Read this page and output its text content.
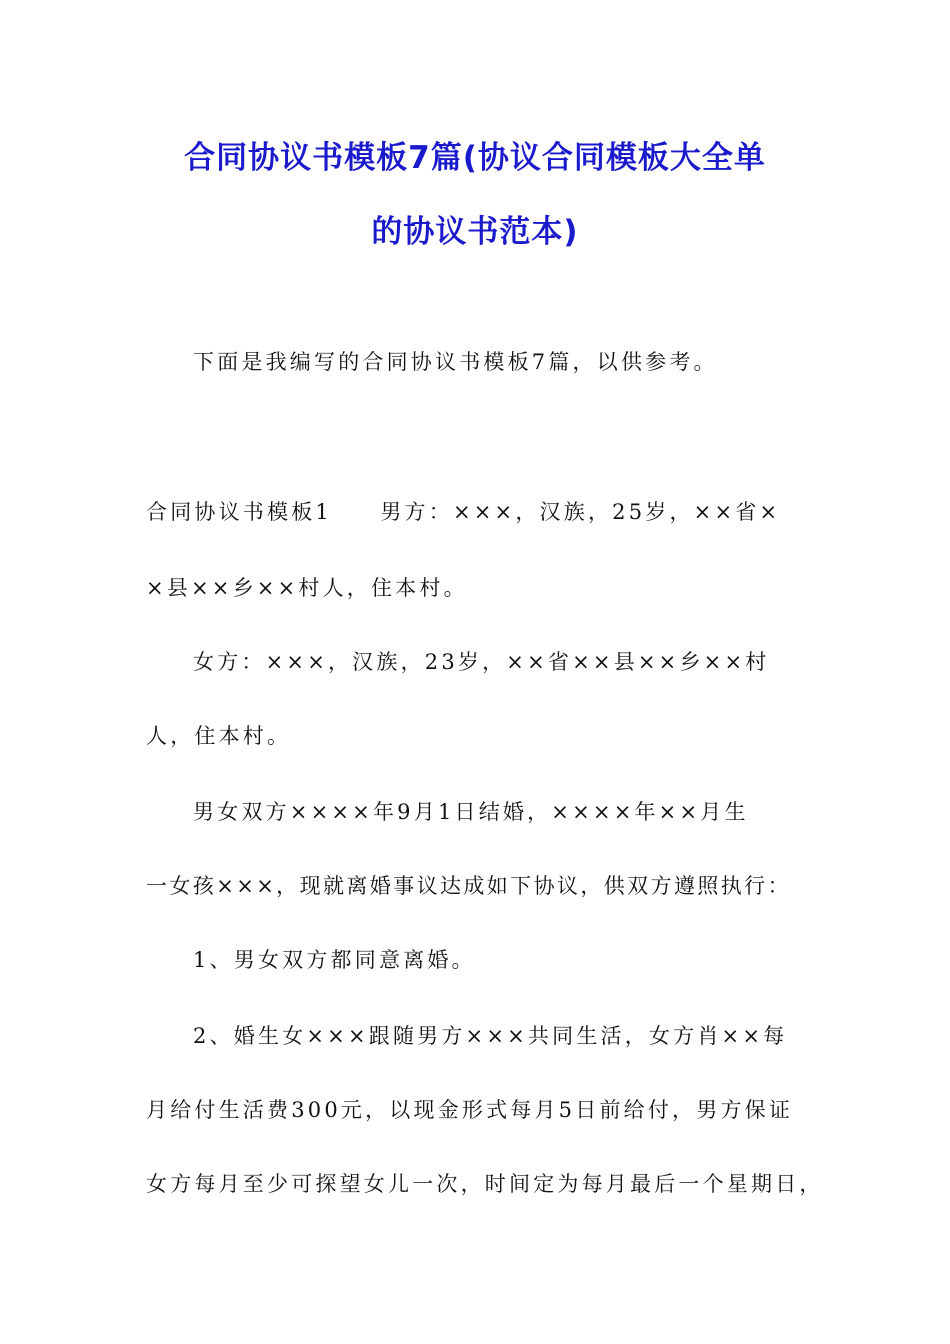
合同协议书模板7篇(协议合同模板大全单
的协议书范本)
下面是我编写的合同协议书模板7篇，以供参考。
合同协议书模板1　　男方：×××，汉族，25岁，××省×
×县××乡××村人，住本村。
女方：×××，汉族，23岁，××省××县××乡××村
人，住本村。
男女双方××××年9月1日结婚，××××年××月生
一女孩×××，现就离婚事议达成如下协议，供双方遵照执行：
1、男女双方都同意离婚。
2、婚生女×××跟随男方×××共同生活，女方肖××每
月给付生活费300元，以现金形式每月5日前给付，男方保证
女方每月至少可探望女儿一次，时间定为每月最后一个星期日，
